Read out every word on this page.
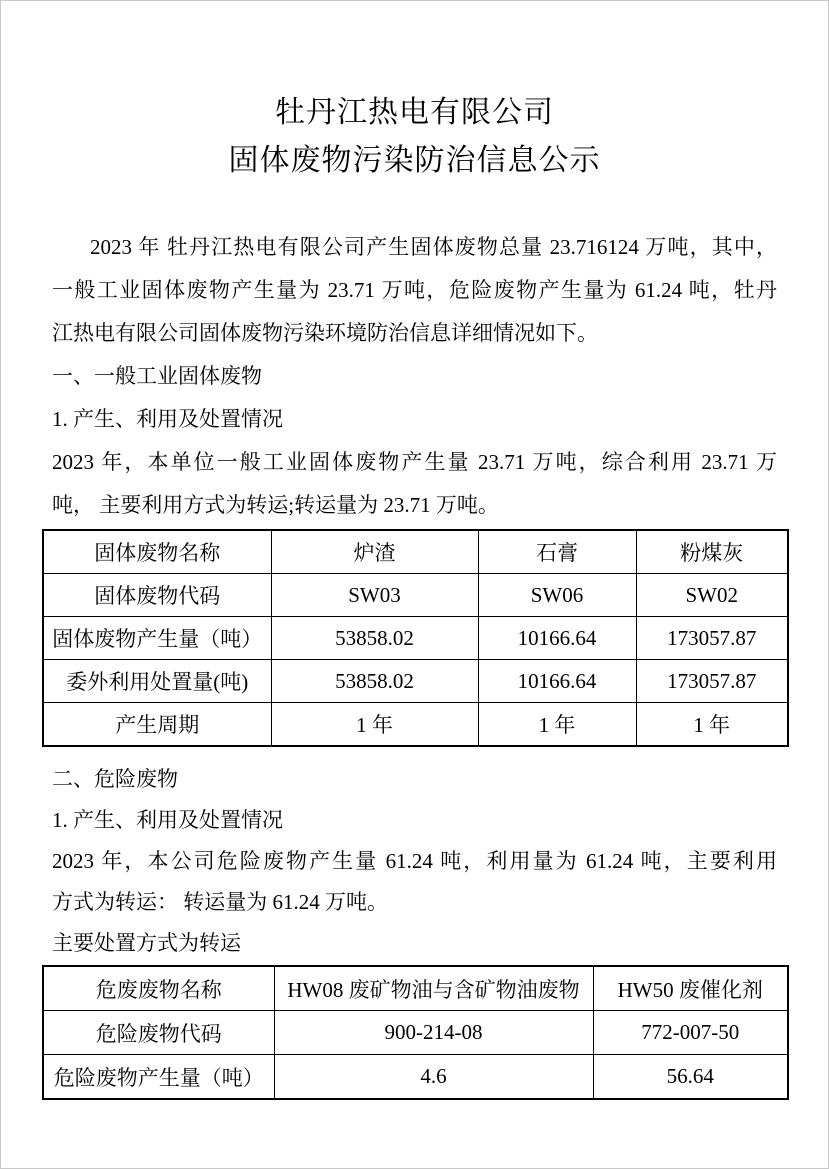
牡丹江热电有限公司
固体废物污染防治信息公示
2023 年 牡丹江热电有限公司产生固体废物总量 23.716124 万吨，其中，
一般工业固体废物产生量为 23.71 万吨，危险废物产生量为 61.24 吨，牡丹
江热电有限公司固体废物污染环境防治信息详细情况如下。
一、一般工业固体废物
1. 产生、利用及处置情况
2023 年，本单位一般工业固体废物产生量 23.71 万吨，综合利用 23.71 万
吨， 主要利用方式为转运;转运量为 23.71 万吨。
固体废物名称	炉渣	石膏	粉煤灰
固体废物代码	SW03	SW06	SW02
固体废物产生量（吨）	53858.02	10166.64	173057.87
委外利用处置量(吨)	53858.02	10166.64	173057.87
产生周期	1 年	1 年	1 年
二、危险废物
1. 产生、利用及处置情况
2023 年，本公司危险废物产生量 61.24 吨，利用量为 61.24 吨，主要利用
方式为转运： 转运量为 61.24 万吨。
主要处置方式为转运
危废废物名称	HW08 废矿物油与含矿物油废物	HW50 废催化剂
危险废物代码	900-214-08	772-007-50
危险废物产生量（吨）	4.6	56.64
